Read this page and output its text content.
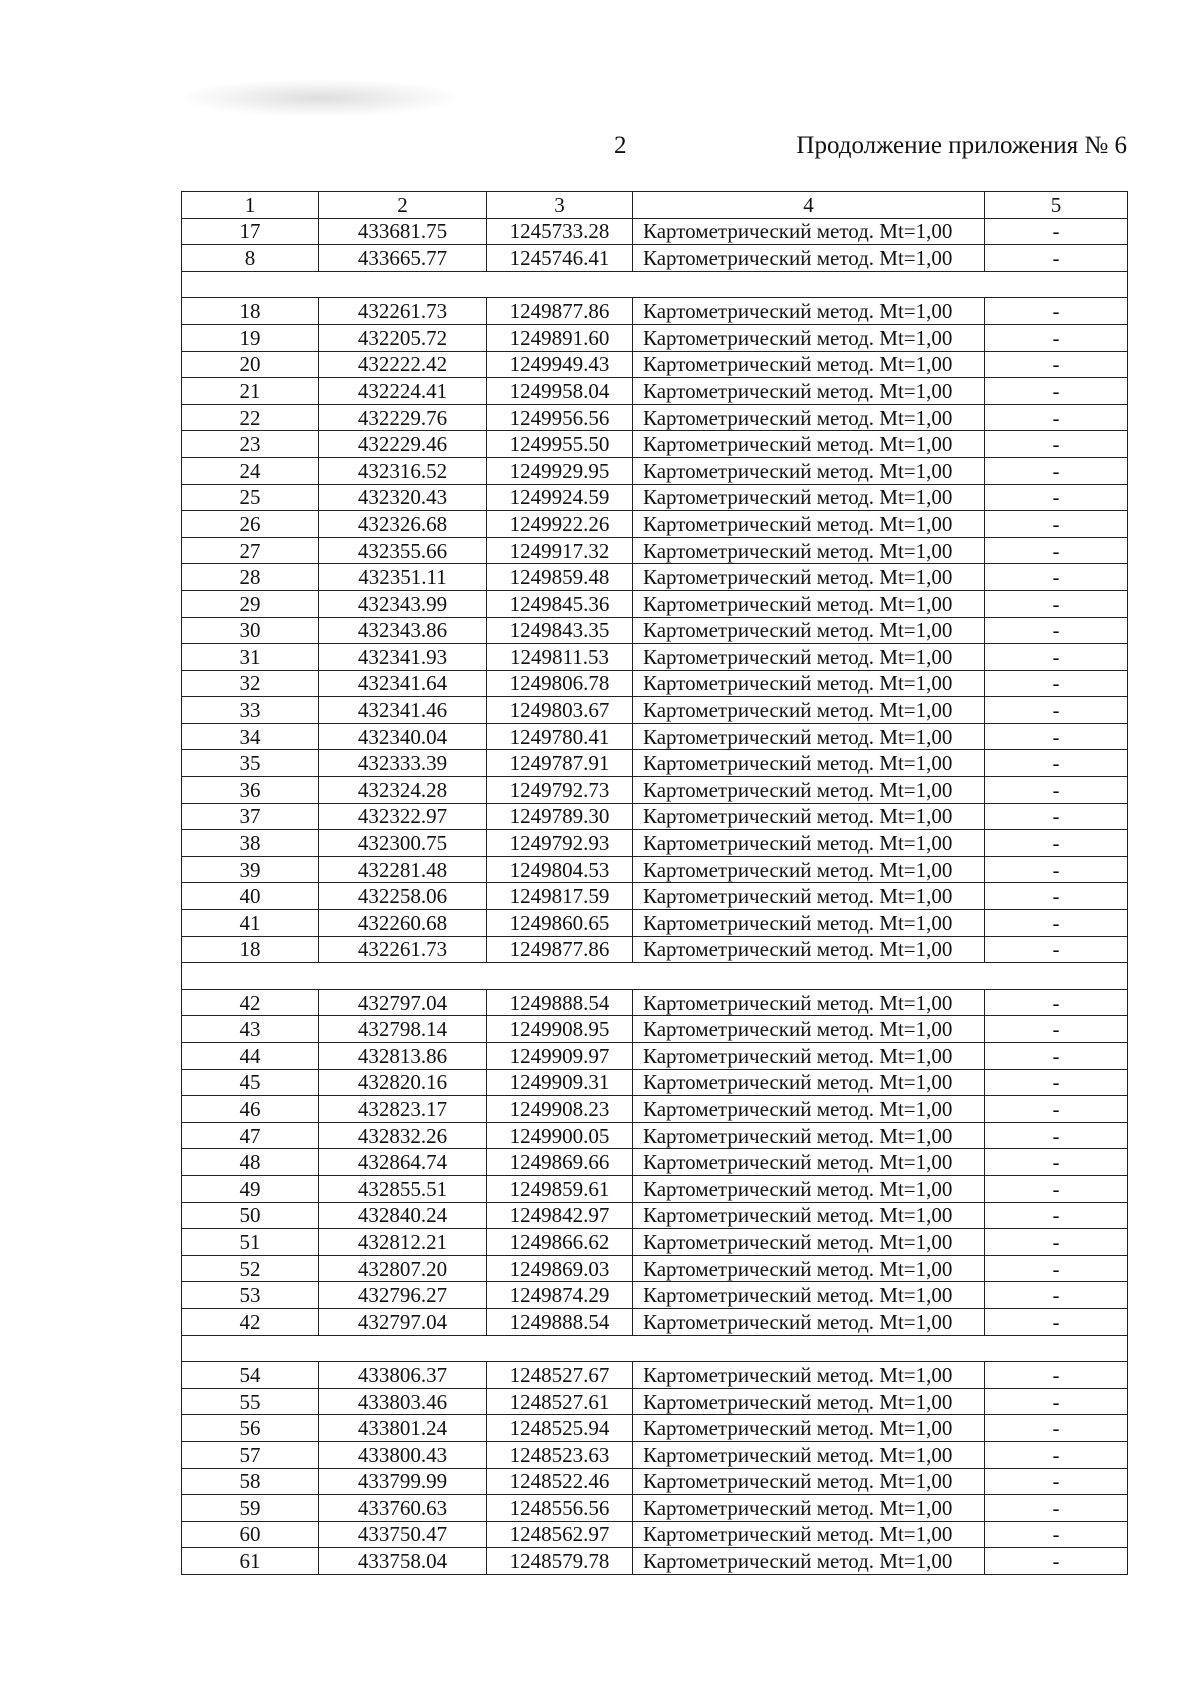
2	Продолжение приложения № 6
1	2	3	4	5
17	433681.75	1245733.28	Картометрический метод. Mt=1,00	-
8	433665.77	1245746.41	Картометрический метод. Mt=1,00	-

18	432261.73	1249877.86	Картометрический метод. Mt=1,00	-
19	432205.72	1249891.60	Картометрический метод. Mt=1,00	-
20	432222.42	1249949.43	Картометрический метод. Mt=1,00	-
21	432224.41	1249958.04	Картометрический метод. Mt=1,00	-
22	432229.76	1249956.56	Картометрический метод. Mt=1,00	-
23	432229.46	1249955.50	Картометрический метод. Mt=1,00	-
24	432316.52	1249929.95	Картометрический метод. Mt=1,00	-
25	432320.43	1249924.59	Картометрический метод. Mt=1,00	-
26	432326.68	1249922.26	Картометрический метод. Mt=1,00	-
27	432355.66	1249917.32	Картометрический метод. Mt=1,00	-
28	432351.11	1249859.48	Картометрический метод. Mt=1,00	-
29	432343.99	1249845.36	Картометрический метод. Mt=1,00	-
30	432343.86	1249843.35	Картометрический метод. Mt=1,00	-
31	432341.93	1249811.53	Картометрический метод. Mt=1,00	-
32	432341.64	1249806.78	Картометрический метод. Mt=1,00	-
33	432341.46	1249803.67	Картометрический метод. Mt=1,00	-
34	432340.04	1249780.41	Картометрический метод. Mt=1,00	-
35	432333.39	1249787.91	Картометрический метод. Mt=1,00	-
36	432324.28	1249792.73	Картометрический метод. Mt=1,00	-
37	432322.97	1249789.30	Картометрический метод. Mt=1,00	-
38	432300.75	1249792.93	Картометрический метод. Mt=1,00	-
39	432281.48	1249804.53	Картометрический метод. Mt=1,00	-
40	432258.06	1249817.59	Картометрический метод. Mt=1,00	-
41	432260.68	1249860.65	Картометрический метод. Mt=1,00	-
18	432261.73	1249877.86	Картометрический метод. Mt=1,00	-

42	432797.04	1249888.54	Картометрический метод. Mt=1,00	-
43	432798.14	1249908.95	Картометрический метод. Mt=1,00	-
44	432813.86	1249909.97	Картометрический метод. Mt=1,00	-
45	432820.16	1249909.31	Картометрический метод. Mt=1,00	-
46	432823.17	1249908.23	Картометрический метод. Mt=1,00	-
47	432832.26	1249900.05	Картометрический метод. Mt=1,00	-
48	432864.74	1249869.66	Картометрический метод. Mt=1,00	-
49	432855.51	1249859.61	Картометрический метод. Mt=1,00	-
50	432840.24	1249842.97	Картометрический метод. Mt=1,00	-
51	432812.21	1249866.62	Картометрический метод. Mt=1,00	-
52	432807.20	1249869.03	Картометрический метод. Mt=1,00	-
53	432796.27	1249874.29	Картометрический метод. Mt=1,00	-
42	432797.04	1249888.54	Картометрический метод. Mt=1,00	-

54	433806.37	1248527.67	Картометрический метод. Mt=1,00	-
55	433803.46	1248527.61	Картометрический метод. Mt=1,00	-
56	433801.24	1248525.94	Картометрический метод. Mt=1,00	-
57	433800.43	1248523.63	Картометрический метод. Mt=1,00	-
58	433799.99	1248522.46	Картометрический метод. Mt=1,00	-
59	433760.63	1248556.56	Картометрический метод. Mt=1,00	-
60	433750.47	1248562.97	Картометрический метод. Mt=1,00	-
61	433758.04	1248579.78	Картометрический метод. Mt=1,00	-
